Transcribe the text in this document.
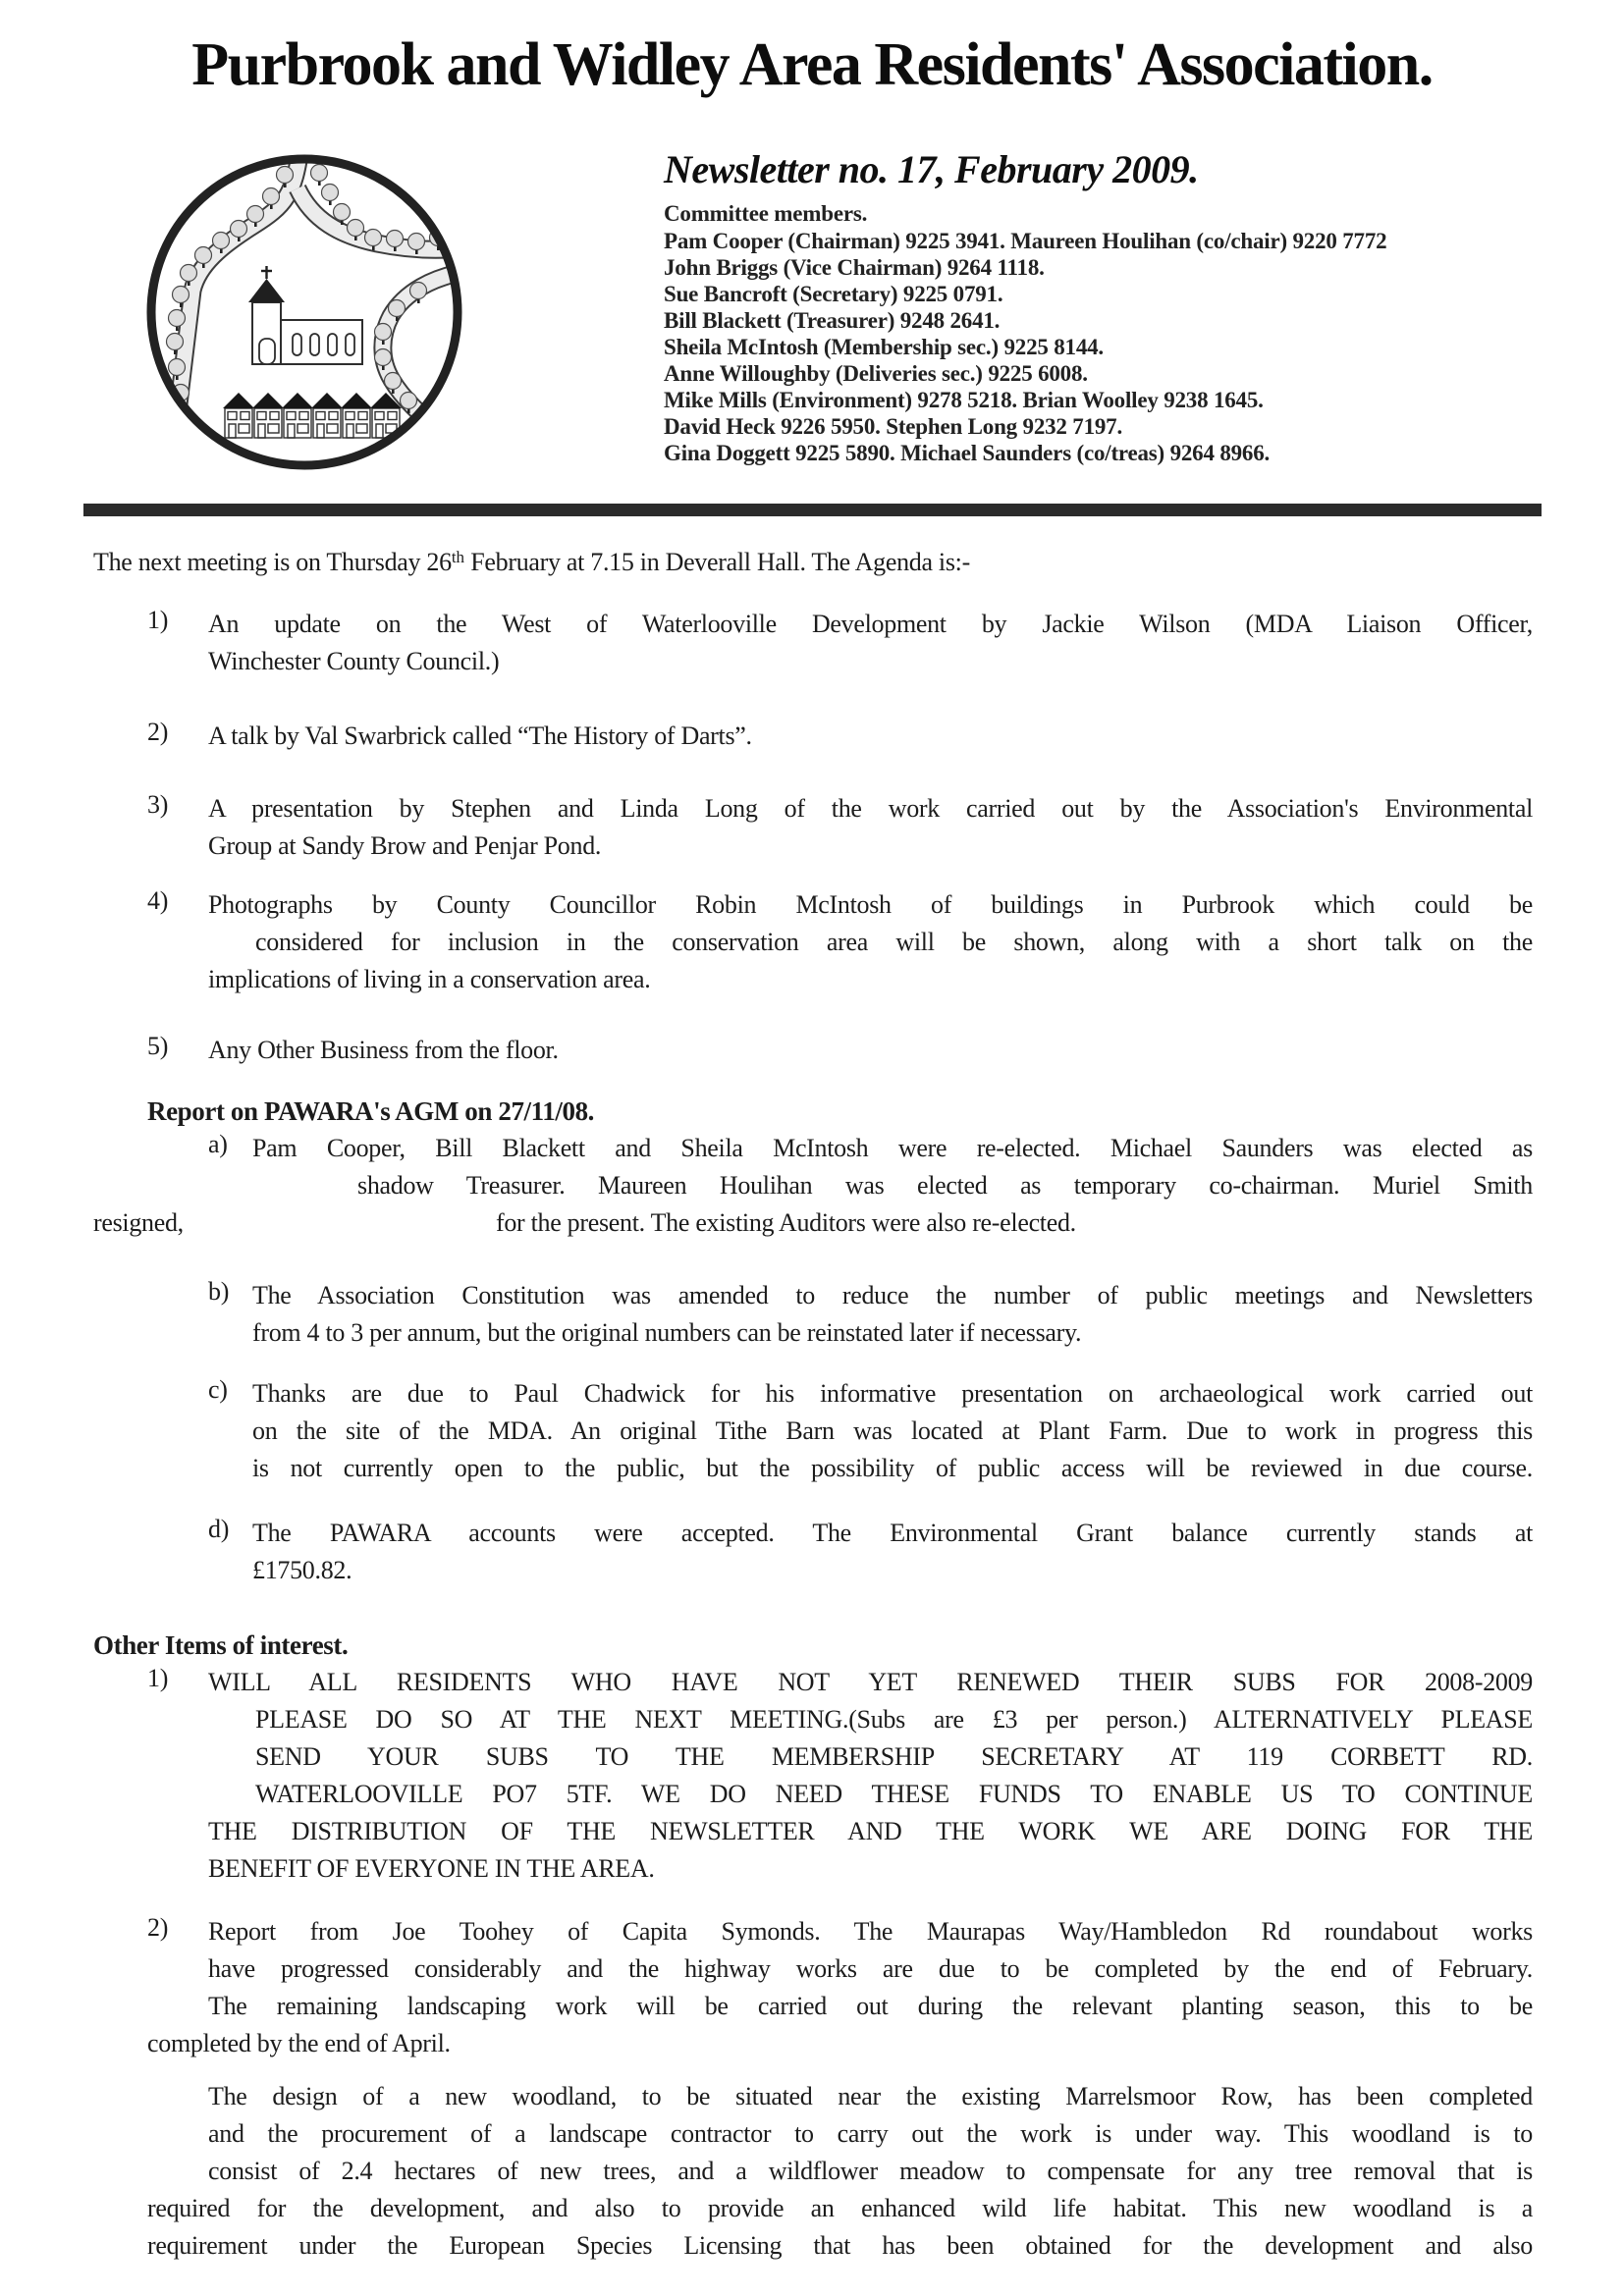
Purbrook and Widley Area Residents' Association.
Newsletter no. 17, February 2009.
Committee members.
Pam Cooper (Chairman) 9225 3941. Maureen Houlihan (co/chair) 9220 7772
John Briggs (Vice Chairman) 9264 1118.
Sue Bancroft (Secretary) 9225 0791.
Bill Blackett (Treasurer) 9248 2641.
Sheila McIntosh (Membership sec.) 9225 8144.
Anne Willoughby (Deliveries sec.) 9225 6008.
Mike Mills (Environment) 9278 5218. Brian Woolley 9238 1645.
David Heck 9226 5950. Stephen Long 9232 7197.
Gina Doggett 9225 5890. Michael Saunders (co/treas) 9264 8966.
The next meeting is on Thursday 26th February at 7.15 in Deverall Hall. The Agenda is:-
1)	An update on the West of Waterlooville Development by Jackie Wilson (MDA Liaison Officer,
Winchester County Council.)
2)	A talk by Val Swarbrick called “The History of Darts”.
3)	A presentation by Stephen and Linda Long of the work carried out by the Association's Environmental
Group at Sandy Brow and Penjar Pond.
4)	Photographs by County Councillor Robin McIntosh of buildings in Purbrook which could be
considered for inclusion in the conservation area will be shown, along with a short talk on the
implications of living in a conservation area.
5)	Any Other Business from the floor.
Report on PAWARA's AGM on 27/11/08.
a) Pam Cooper, Bill Blackett and Sheila McIntosh were re-elected. Michael Saunders was elected as
shadow Treasurer. Maureen Houlihan was elected as temporary co-chairman. Muriel Smith
resigned,	for the present. The existing Auditors were also re-elected.
b) The Association Constitution was amended to reduce the number of public meetings and Newsletters
from 4 to 3 per annum, but the original numbers can be reinstated later if necessary.
c) Thanks are due to Paul Chadwick for his informative presentation on archaeological work carried out
on the site of the MDA. An original Tithe Barn was located at Plant Farm. Due to work in progress this
is not currently open to the public, but the possibility of public access will be reviewed in due course.
d) The PAWARA accounts were accepted. The Environmental Grant balance currently stands at
£1750.82.
Other Items of interest.
1)	WILL ALL RESIDENTS WHO HAVE NOT YET RENEWED THEIR SUBS FOR 2008-2009
PLEASE DO SO AT THE NEXT MEETING.(Subs are £3 per person.) ALTERNATIVELY PLEASE
SEND YOUR SUBS TO THE MEMBERSHIP SECRETARY AT 119 CORBETT RD.
WATERLOOVILLE PO7 5TF. WE DO NEED THESE FUNDS TO ENABLE US TO CONTINUE
THE DISTRIBUTION OF THE NEWSLETTER AND THE WORK WE ARE DOING FOR THE
BENEFIT OF EVERYONE IN THE AREA.
2)	Report from Joe Toohey of Capita Symonds. The Maurapas Way/Hambledon Rd roundabout works
have progressed considerably and the highway works are due to be completed by the end of February.
The remaining landscaping work will be carried out during the relevant planting season, this to be
completed by the end of April.
The design of a new woodland, to be situated near the existing Marrelsmoor Row, has been completed
and the procurement of a landscape contractor to carry out the work is under way. This woodland is to
consist of 2.4 hectares of new trees, and a wildflower meadow to compensate for any tree removal that is
required for the development, and also to provide an enhanced wild life habitat. This new woodland is a
requirement under the European Species Licensing that has been obtained for the development and also
